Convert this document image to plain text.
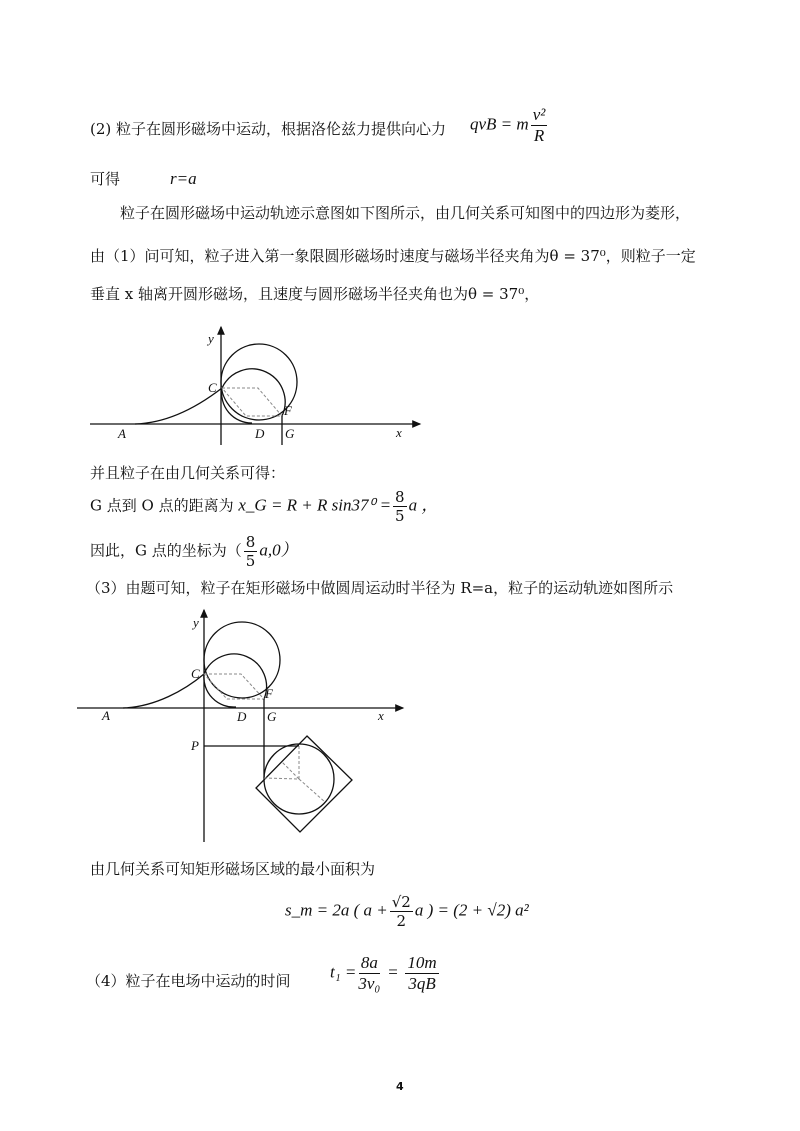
(2) 粒子在圆形磁场中运动，根据洛伦兹力提供向心力 qvB = m $\frac{\text{v²}}{R}$
可得	r=a
粒子在圆形磁场中运动轨迹示意图如下图所示，由几何关系可知图中的四边形为菱形，
由（1）问可知，粒子进入第一象限圆形磁场时速度与磁场半径夹角为θ = 37⁰，则粒子一定
垂直 x 轴离开圆形磁场，且速度与圆形磁场半径夹角也为θ = 37⁰，
y
x
A
C
D
F
G
y
x
A
C
D
F
G
P
并且粒子在由几何关系可得：
G 点到 O 点的距离为 x_G = R + R $\sin 37^0 = \frac{8}{5}$ a ，
因此，G 点的坐标为（ $\frac{8}{5} a,0$）
（3）由题可知，粒子在矩形磁场中做圆周运动时半径为 R=a，粒子的运动轨迹如图所示
由几何关系可知矩形磁场区域的最小面积为
s_m = 2a ( $a + \frac{√2}{2}$ a ) = (2 + √2) a²
（4）粒子在电场中运动的时间 $t_1 = \frac{8a}{\text{3v₀}} = \frac{10m}{3qB}$
4
